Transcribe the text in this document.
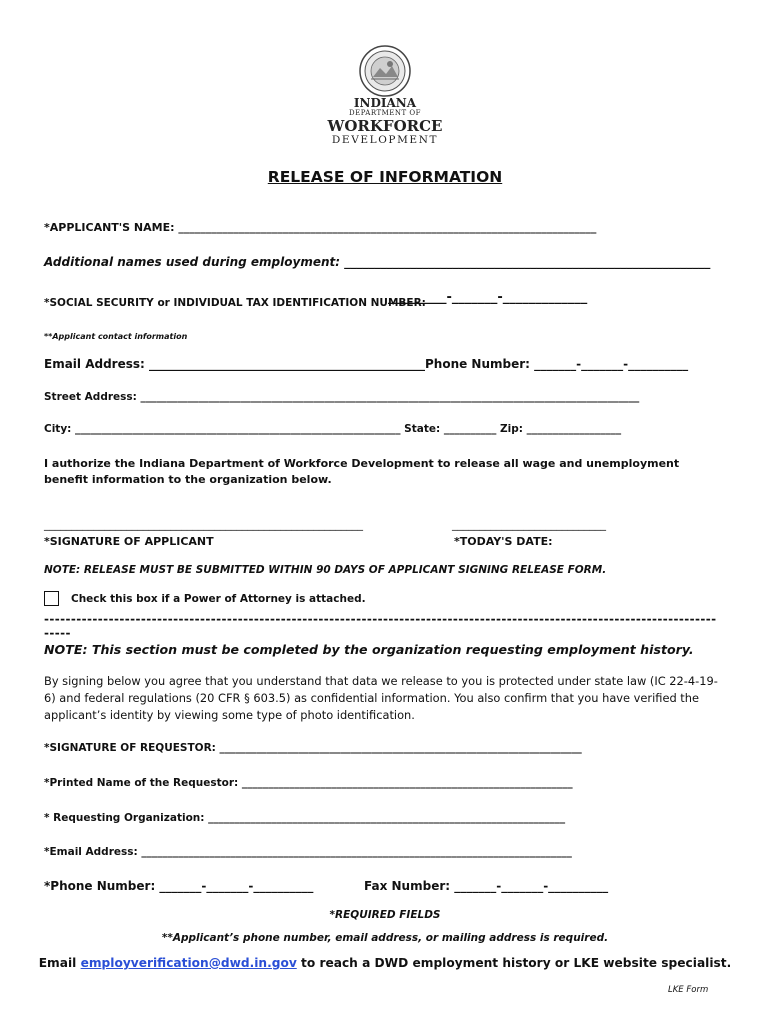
INDIANA
DEPARTMENT OF
WORKFORCE
DEVELOPMENT
RELEASE OF INFORMATION
*APPLICANT'S NAME: ____________________________________________________________________________
Additional names used during employment: _____________________________________________________________
*SOCIAL SECURITY or INDIVIDUAL TAX IDENTIFICATION NUMBER:
_________-_______-_____________
**Applicant contact information
Email Address: ______________________________________________Phone Number: _______-_______-__________
Street Address: _______________________________________________________________________________________________
City: ______________________________________________________________ State: __________ Zip: __________________
I authorize the Indiana Department of Workforce Development to release all wage and unemployment benefit information to the organization below.
__________________________________________________________	____________________________
*SIGNATURE OF APPLICANT	*TODAY'S DATE:
NOTE: RELEASE MUST BE SUBMITTED WITHIN 90 DAYS OF APPLICANT SIGNING RELEASE FORM.
Check this box if a Power of Attorney is attached.
----------------------------------------------------------------------------------------------------------------------------------
NOTE: This section must be completed by the organization requesting employment history.
By signing below you agree that you understand that data we release to you is protected under state law (IC 22-4-19-6) and federal regulations (20 CFR § 603.5) as confidential information. You also confirm that you have verified the applicant’s identity by viewing some type of photo identification.
*SIGNATURE OF REQUESTOR: _____________________________________________________________________
*Printed Name of the Requestor: _______________________________________________________________
* Requesting Organization: ____________________________________________________________________
*Email Address: __________________________________________________________________________________
*Phone Number: _______-_______-__________	Fax Number: _______-_______-__________
*REQUIRED FIELDS
**Applicant’s phone number, email address, or mailing address is required.
Email employverification@dwd.in.gov to reach a DWD employment history or LKE website specialist.
LKE Form
